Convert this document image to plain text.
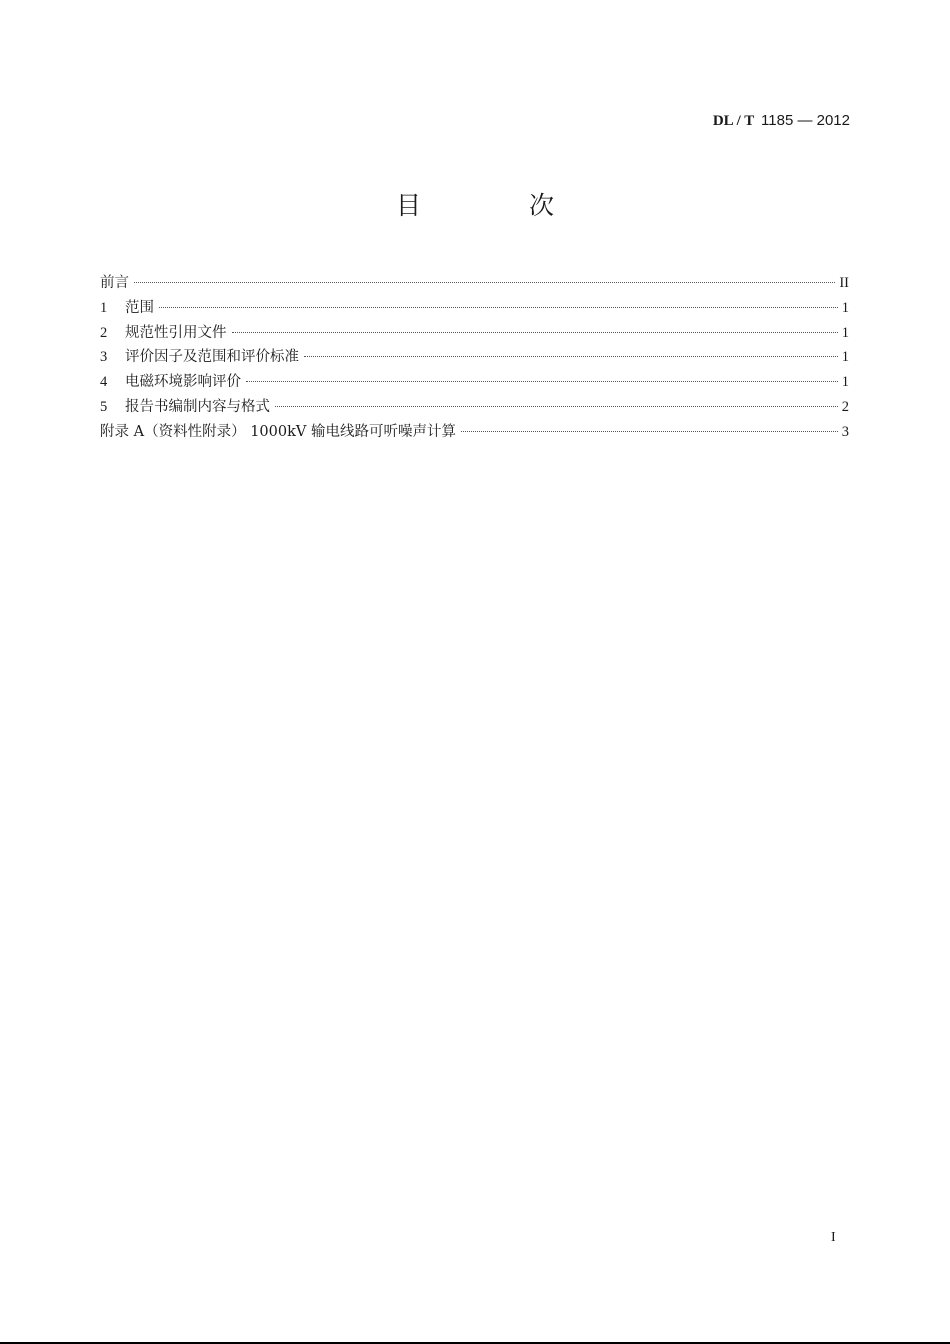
DL / T 1185 — 2012
目 次
前言	II
1	范围	1
2	规范性引用文件	1
3	评价因子及范围和评价标准	1
4	电磁环境影响评价	1
5	报告书编制内容与格式	2
附录 A（资料性附录） 1000kV 输电线路可听噪声计算	3
I
